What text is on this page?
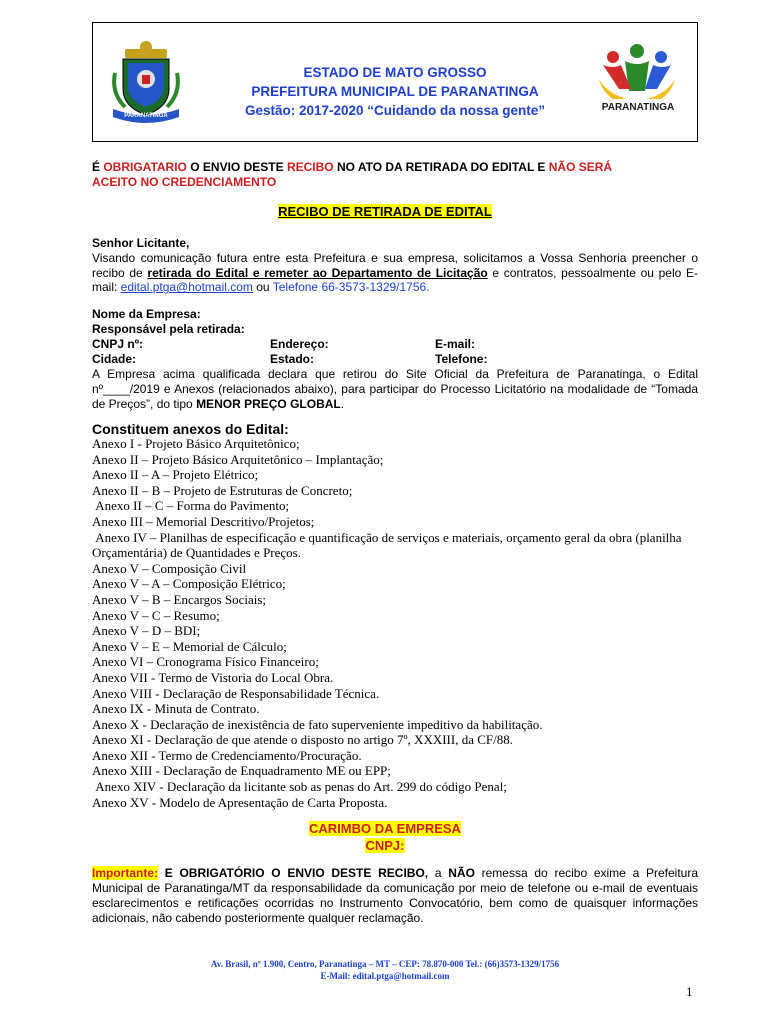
PARANATINGA
ESTADO DE MATO GROSSO
PREFEITURA MUNICIPAL DE PARANATINGA
Gestão: 2017-2020 “Cuidando da nossa gente”	PARANATINGA
É OBRIGATARIO O ENVIO DESTE RECIBO NO ATO DA RETIRADA DO EDITAL E NÃO SERÁ
ACEITO NO CREDENCIAMENTO
RECIBO DE RETIRADA DE EDITAL
Senhor Licitante,
Visando comunicação futura entre esta Prefeitura e sua empresa, solicitamos a Vossa Senhoria preencher o recibo de retirada do Edital e remeter ao Departamento de Licitação e contratos, pessoalmente ou pelo E-mail: edital.ptga@hotmail.com ou Telefone 66-3573-1329/1756.
Nome da Empresa:
Responsável pela retirada:
CNPJ nº:	Endereço:	E-mail:
Cidade:	Estado:	Telefone:
A Empresa acima qualificada declara que retirou do Site Oficial da Prefeitura de Paranatinga, o Edital nº____/2019 e Anexos (relacionados abaixo), para participar do Processo Licitatório na modalidade de “Tomada de Preços”, do tipo MENOR PREÇO GLOBAL.
Constituem anexos do Edital:
Anexo I - Projeto Básico Arquitetônico;
Anexo II – Projeto Básico Arquitetônico – Implantação;
Anexo II – A – Projeto Elétrico;
Anexo II – B – Projeto de Estruturas de Concreto;
Anexo II – C – Forma do Pavimento;
Anexo III – Memorial Descritivo/Projetos;
Anexo IV – Planilhas de especificação e quantificação de serviços e materiais, orçamento geral da obra (planilha Orçamentária) de Quantidades e Preços.
Anexo V – Composição Civil
Anexo V – A – Composição Elétrico;
Anexo V – B – Encargos Sociais;
Anexo V – C – Resumo;
Anexo V – D – BDI;
Anexo V – E – Memorial de Cálculo;
Anexo VI – Cronograma Físico Financeiro;
Anexo VII - Termo de Vistoria do Local Obra.
Anexo VIII - Declaração de Responsabilidade Técnica.
Anexo IX - Minuta de Contrato.
Anexo X - Declaração de inexistência de fato superveniente impeditivo da habilitação.
Anexo XI - Declaração de que atende o disposto no artigo 7º, XXXIII, da CF/88.
Anexo XII - Termo de Credenciamento/Procuração.
Anexo XIII - Declaração de Enquadramento ME ou EPP;
Anexo XIV - Declaração da licitante sob as penas do Art. 299 do código Penal;
Anexo XV - Modelo de Apresentação de Carta Proposta.
CARIMBO DA EMPRESA
CNPJ:
Importante: E OBRIGATÓRIO O ENVIO DESTE RECIBO, a NÃO remessa do recibo exime a Prefeitura Municipal de Paranatinga/MT da responsabilidade da comunicação por meio de telefone ou e-mail de eventuais esclarecimentos e retificações ocorridas no Instrumento Convocatório, bem como de quaisquer informações adicionais, não cabendo posteriormente qualquer reclamação.
Av. Brasil, nº 1.900, Centro, Paranatinga – MT – CEP: 78.870-000 Tel.: (66)3573-1329/1756
E-Mail: edital.ptga@hotmail.com
1
